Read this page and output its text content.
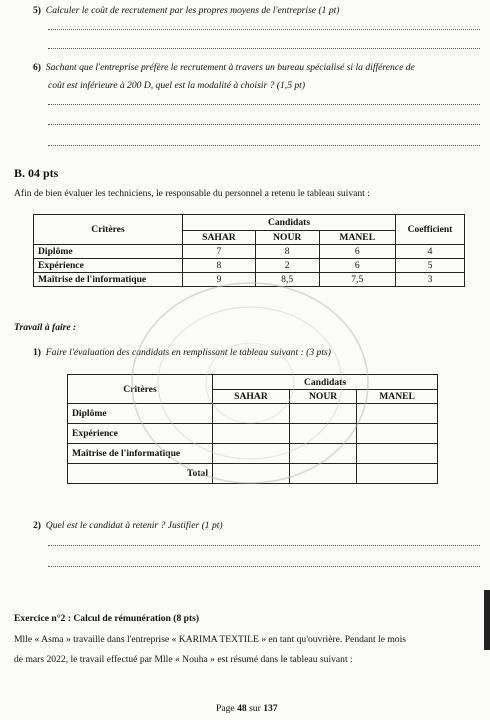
5) Calculer le coût de recrutement par les propres moyens de l'entreprise (1 pt)
6) Sachant que l'entreprise préfère le recrutement à travers un bureau spécialisé si la différence de
coût est inférieure à 200 D, quel est la modalité à choisir ? (1,5 pt)
B. 04 pts
Afin de bien évaluer les techniciens, le responsable du personnel a retenu le tableau suivant :
Critères	Candidats			Coefficient
	SAHAR	NOUR	MANEL	
Diplôme	7	8	6	4
Expérience	8	2	6	5
Maîtrise de l'informatique	9	8,5	7,5	3
Travail à faire :
1) Faire l'évaluation des candidats en remplissant le tableau suivant : (3 pts)
Critères	Candidats		
	SAHAR	NOUR	MANEL
Diplôme			
Expérience			
Maîtrise de l'informatique			
Total			
2) Quel est le candidat à retenir ? Justifier (1 pt)
Exercice n°2 : Calcul de rémunération (8 pts)
Mlle « Asma » travaille dans l'entreprise « KARIMA TEXTILE » en tant qu'ouvrière. Pendant le mois
de mars 2022, le travail effectué par Mlle « Nouha » est résumé dans le tableau suivant :
Page 48 sur 137
